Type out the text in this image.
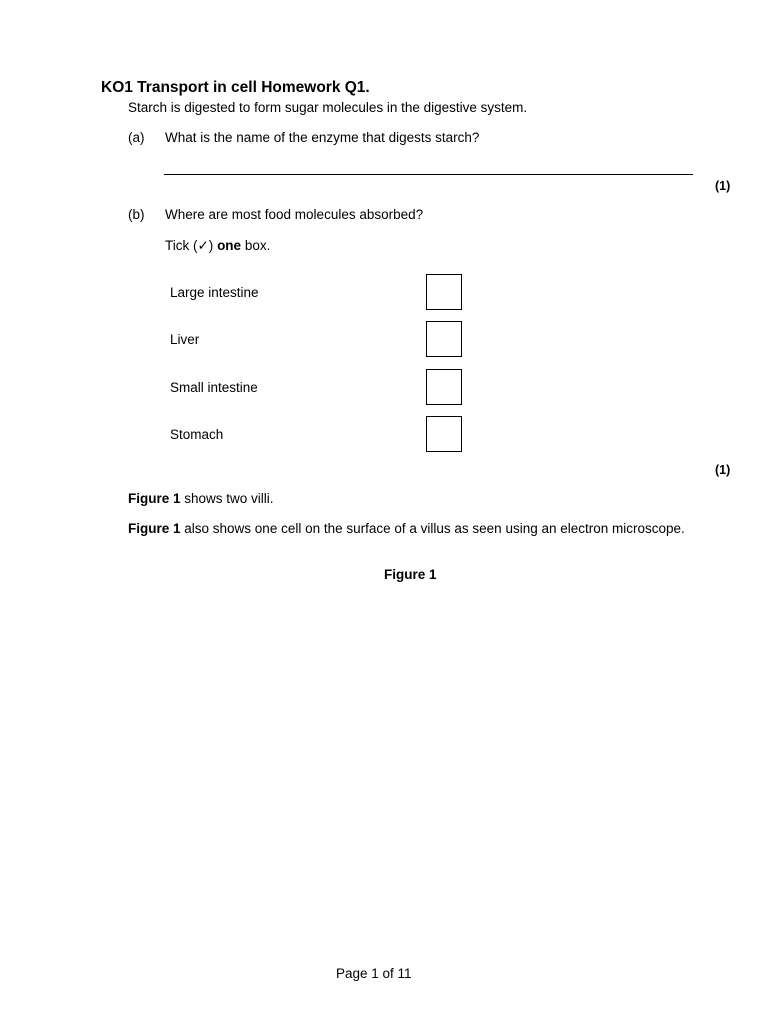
KO1 Transport in cell Homework Q1.
Starch is digested to form sugar molecules in the digestive system.
(a) What is the name of the enzyme that digests starch?
(1)
(b) Where are most food molecules absorbed?
Tick (✓) one box.
Large intestine
Liver
Small intestine
Stomach
(1)
Figure 1 shows two villi.
Figure 1 also shows one cell on the surface of a villus as seen using an electron microscope.
Figure 1
Page 1 of 11
